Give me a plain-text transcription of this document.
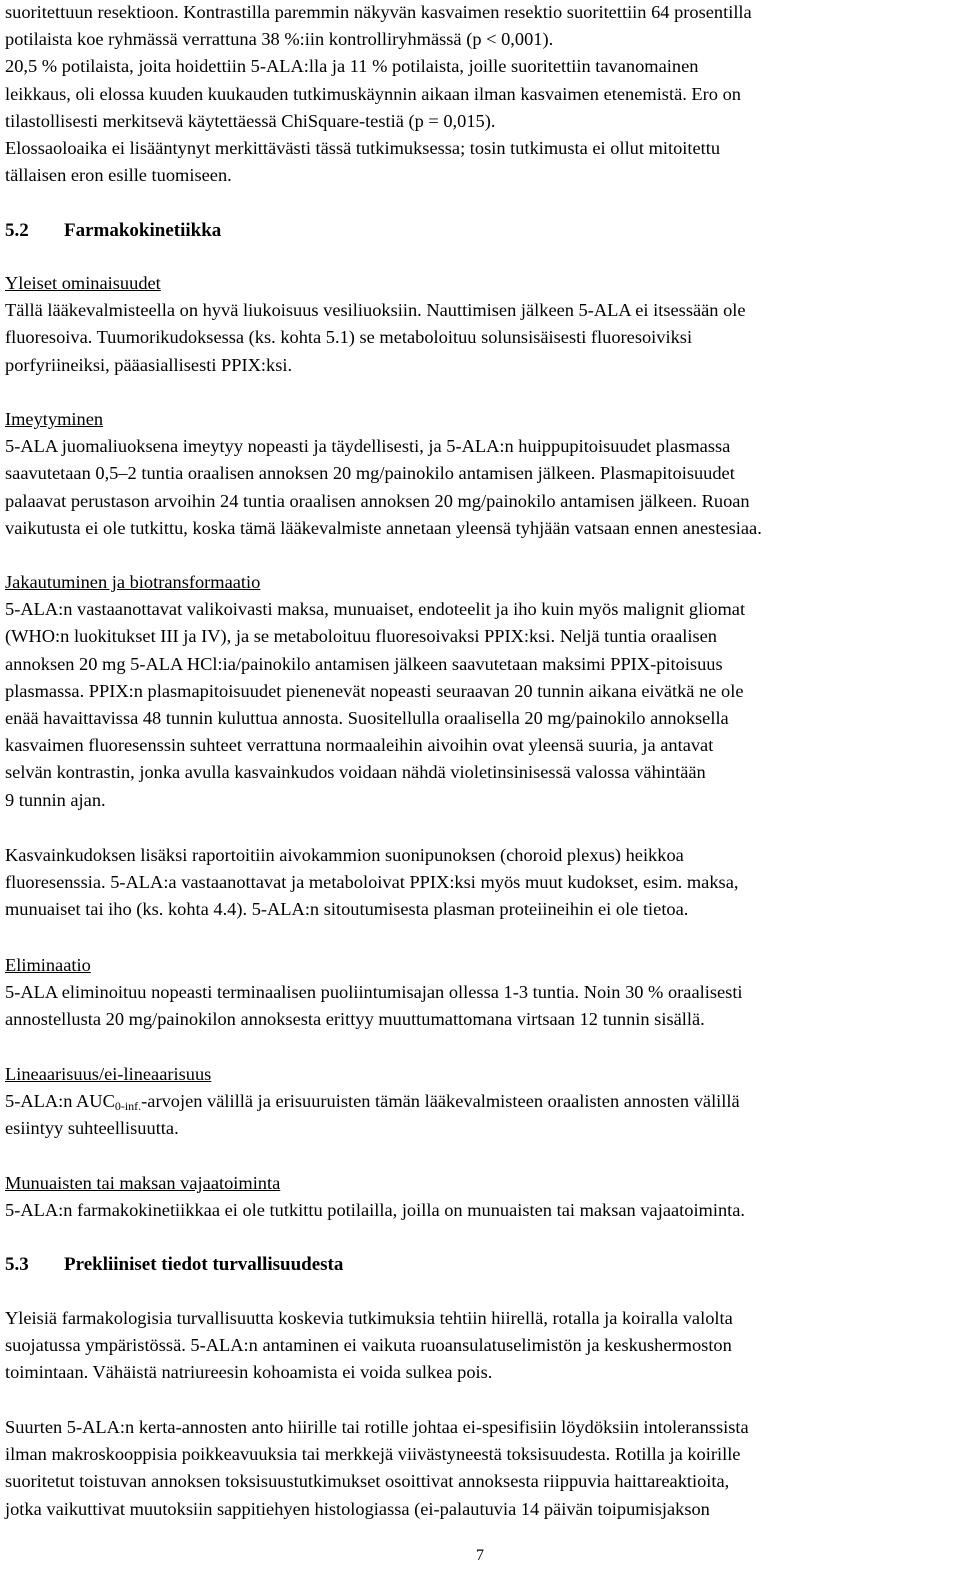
suoritettuun resektioon. Kontrastilla paremmin näkyvän kasvaimen resektio suoritettiin 64 prosentilla

potilaista koe ryhmässä verrattuna 38 %:iin kontrolliryhmässä (p < 0,001).

20,5 % potilaista, joita hoidettiin 5-ALA:lla ja 11 % potilaista, joille suoritettiin tavanomainen

leikkaus, oli elossa kuuden kuukauden tutkimuskäynnin aikaan ilman kasvaimen etenemistä. Ero on

tilastollisesti merkitsevä käytettäessä ChiSquare-testiä (p = 0,015).

Elossaoloaika ei lisääntynyt merkittävästi tässä tutkimuksessa; tosin tutkimusta ei ollut mitoitettu

tällaisen eron esille tuomiseen.

5.2 Farmakokinetiikka

Yleiset ominaisuudet

Tällä lääkevalmisteella on hyvä liukoisuus vesiliuoksiin. Nauttimisen jälkeen 5-ALA ei itsessään ole

fluoresoiva. Tuumorikudoksessa (ks. kohta 5.1) se metaboloituu solunsisäisesti fluoresoiviksi

porfyriineiksi, pääasiallisesti PPIX:ksi.

Imeytyminen

5-ALA juomaliuoksena imeytyy nopeasti ja täydellisesti, ja 5-ALA:n huippupitoisuudet plasmassa

saavutetaan 0,5–2 tuntia oraalisen annoksen 20 mg/painokilo antamisen jälkeen. Plasmapitoisuudet

palaavat perustason arvoihin 24 tuntia oraalisen annoksen 20 mg/painokilo antamisen jälkeen. Ruoan

vaikutusta ei ole tutkittu, koska tämä lääkevalmiste annetaan yleensä tyhjään vatsaan ennen anestesiaa.

Jakautuminen ja biotransformaatio

5-ALA:n vastaanottavat valikoivasti maksa, munuaiset, endoteelit ja iho kuin myös malignit gliomat

(WHO:n luokitukset III ja IV), ja se metaboloituu fluoresoivaksi PPIX:ksi. Neljä tuntia oraalisen

annoksen 20 mg 5-ALA HCl:ia/painokilo antamisen jälkeen saavutetaan maksimi PPIX-pitoisuus

plasmassa. PPIX:n plasmapitoisuudet pienenevät nopeasti seuraavan 20 tunnin aikana eivätkä ne ole

enää havaittavissa 48 tunnin kuluttua annosta. Suositellulla oraalisella 20 mg/painokilo annoksella

kasvaimen fluoresenssin suhteet verrattuna normaaleihin aivoihin ovat yleensä suuria, ja antavat

selvän kontrastin, jonka avulla kasvainkudos voidaan nähdä violetinsinisessä valossa vähintään

9 tunnin ajan.

Kasvainkudoksen lisäksi raportoitiin aivokammion suonipunoksen (choroid plexus) heikkoa

fluoresenssia. 5-ALA:a vastaanottavat ja metaboloivat PPIX:ksi myös muut kudokset, esim. maksa,

munuaiset tai iho (ks. kohta 4.4). 5-ALA:n sitoutumisesta plasman proteiineihin ei ole tietoa.

Eliminaatio

5-ALA eliminoituu nopeasti terminaalisen puoliintumisajan ollessa 1-3 tuntia. Noin 30 % oraalisesti

annostellusta 20 mg/painokilon annoksesta erittyy muuttumattomana virtsaan 12 tunnin sisällä.

Lineaarisuus/ei-lineaarisuus

5-ALA:n $AUC_{0-inf.}$-arvojen välillä ja erisuuruisten tämän lääkevalmisteen oraalisten annosten välillä

esiintyy suhteellisuutta.

Munuaisten tai maksan vajaatoiminta

5-ALA:n farmakokinetiikkaa ei ole tutkittu potilailla, joilla on munuaisten tai maksan vajaatoiminta.

5.3 Prekliiniset tiedot turvallisuudesta

Yleisiä farmakologisia turvallisuutta koskevia tutkimuksia tehtiin hiirellä, rotalla ja koiralla valolta

suojatussa ympäristössä. 5-ALA:n antaminen ei vaikuta ruoansulatuselimistön ja keskushermoston

toimintaan. Vähäistä natriureesin kohoamista ei voida sulkea pois.

Suurten 5-ALA:n kerta-annosten anto hiirille tai rotille johtaa ei-spesifisiin löydöksiin intoleranssista

ilman makroskooppisia poikkeavuuksia tai merkkejä viivästyneestä toksisuudesta. Rotilla ja koirille

suoritetut toistuvan annoksen toksisuustutkimukset osoittivat annoksesta riippuvia haittareaktioita,

jotka vaikuttivat muutoksiin sappitiehyen histologiassa (ei-palautuvia 14 päivän toipumisjakson

7
